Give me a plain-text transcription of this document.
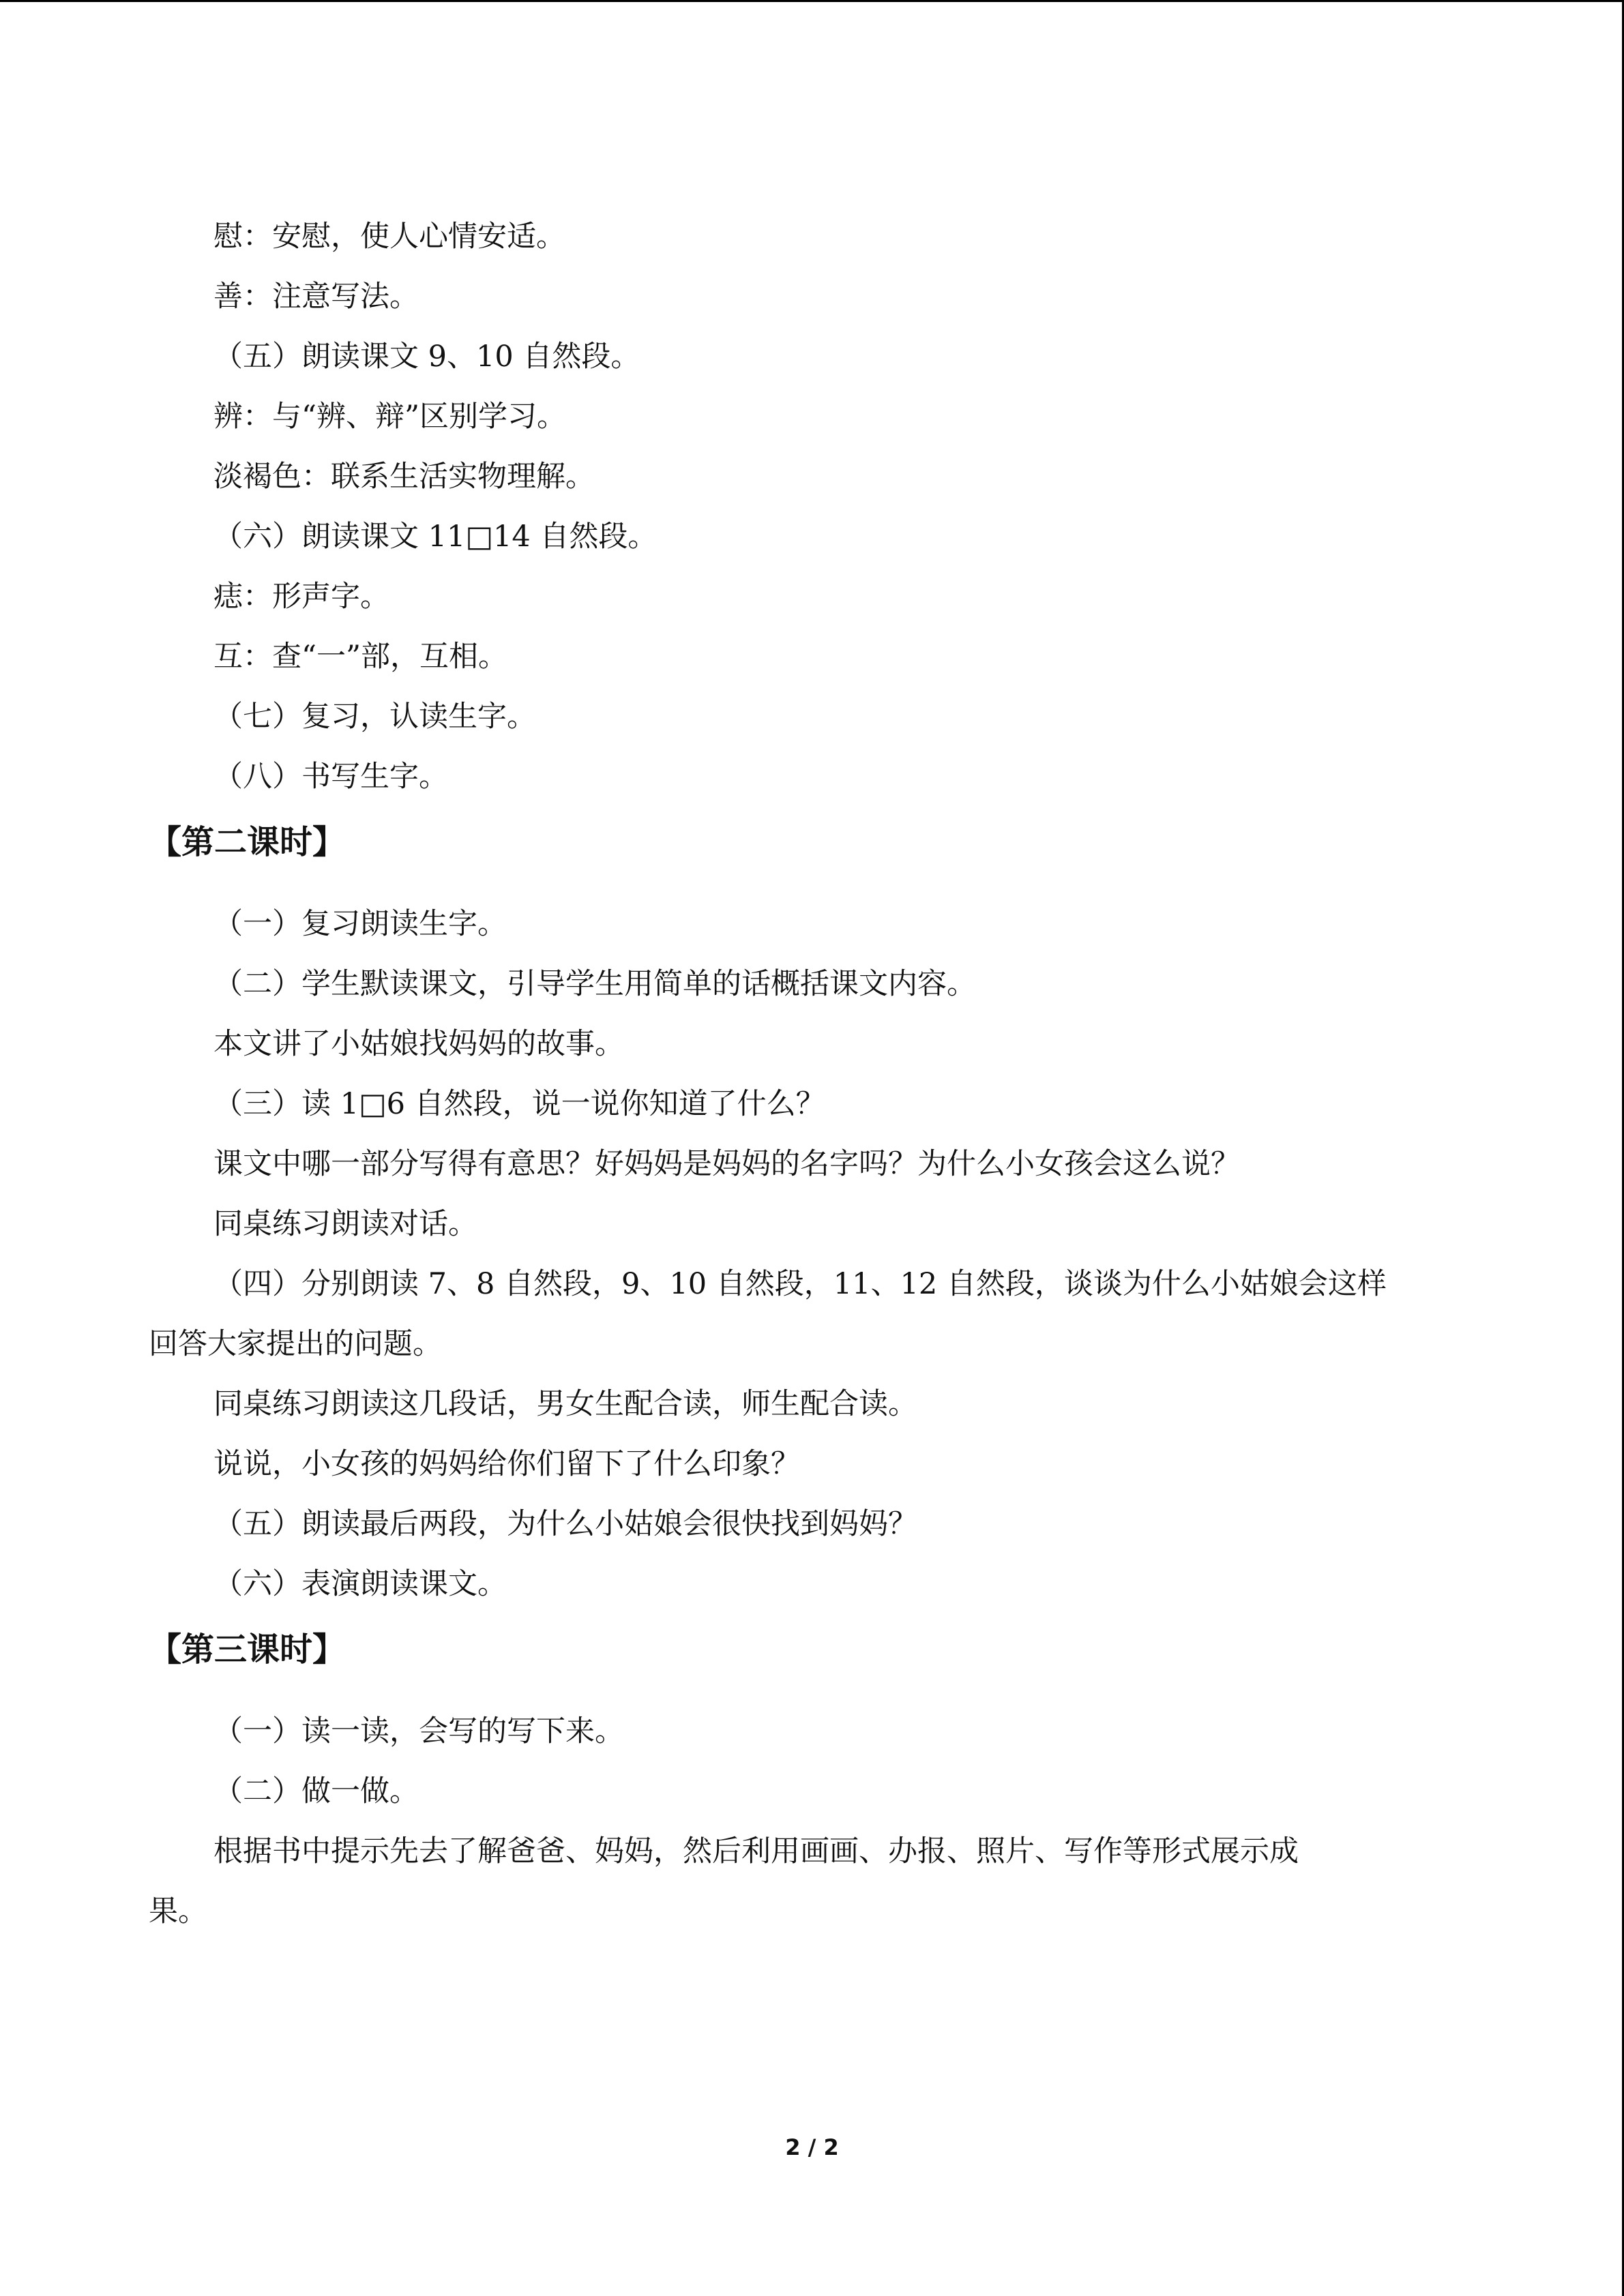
慰：安慰，使人心情安适。
善：注意写法。
（五）朗读课文 9、10 自然段。
辨：与“辨、辩”区别学习。
淡褐色：联系生活实物理解。
（六）朗读课文 11□14 自然段。
痣：形声字。
互：查“一”部，互相。
（七）复习，认读生字。
（八）书写生字。
【第二课时】
（一）复习朗读生字。
（二）学生默读课文，引导学生用简单的话概括课文内容。
本文讲了小姑娘找妈妈的故事。
（三）读 1□6 自然段，说一说你知道了什么？
课文中哪一部分写得有意思？好妈妈是妈妈的名字吗？为什么小女孩会这么说？
同桌练习朗读对话。
（四）分别朗读 7、8 自然段，9、10 自然段，11、12 自然段，谈谈为什么小姑娘会这样
回答大家提出的问题。
同桌练习朗读这几段话，男女生配合读，师生配合读。
说说，小女孩的妈妈给你们留下了什么印象？
（五）朗读最后两段，为什么小姑娘会很快找到妈妈？
（六）表演朗读课文。
【第三课时】
（一）读一读，会写的写下来。
（二）做一做。
根据书中提示先去了解爸爸、妈妈，然后利用画画、办报、照片、写作等形式展示成
果。
2 / 2
